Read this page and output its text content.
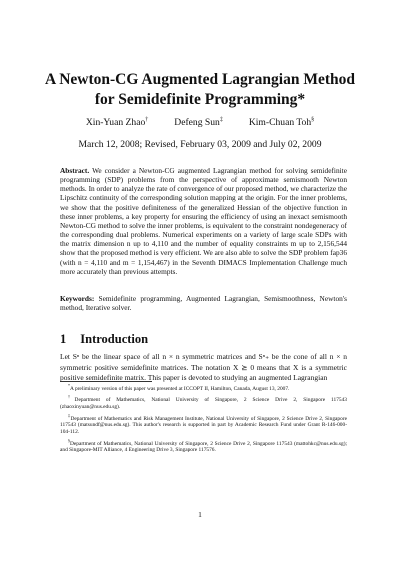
A Newton-CG Augmented Lagrangian Method for Semidefinite Programming*
Xin-Yuan Zhao†	Defeng Sun‡	Kim-Chuan Toh§
March 12, 2008; Revised, February 03, 2009 and July 02, 2009
Abstract. We consider a Newton-CG augmented Lagrangian method for solving semidefinite programming (SDP) problems from the perspective of approximate semismooth Newton methods. In order to analyze the rate of convergence of our proposed method, we characterize the Lipschitz continuity of the corresponding solution mapping at the origin. For the inner problems, we show that the positive definiteness of the generalized Hessian of the objective function in these inner problems, a key property for ensuring the efficiency of using an inexact semismooth Newton-CG method to solve the inner problems, is equivalent to the constraint nondegeneracy of the corresponding dual problems. Numerical experiments on a variety of large scale SDPs with the matrix dimension n up to 4,110 and the number of equality constraints m up to 2,156,544 show that the proposed method is very efficient. We are also able to solve the SDP problem fap36 (with n = 4,110 and m = 1,154,467) in the Seventh DIMACS Implementation Challenge much more accurately than previous attempts.
Keywords: Semidefinite programming, Augmented Lagrangian, Semismoothness, Newton's method, Iterative solver.
1 Introduction
Let Sⁿ be the linear space of all n × n symmetric matrices and Sⁿ₊ be the cone of all n × n symmetric positive semidefinite matrices. The notation X ⪰ 0 means that X is a symmetric positive semidefinite matrix. This paper is devoted to studying an augmented Lagrangian

*A preliminary version of this paper was presented at ICCOPT II, Hamilton, Canada, August 13, 2007.

†Department of Mathematics, National University of Singapore, 2 Science Drive 2, Singapore 117543 (zhaoxinyuan@nus.edu.sg).

‡Department of Mathematics and Risk Management Institute, National University of Singapore, 2 Science Drive 2, Singapore 117543 (matsundf@nus.edu.sg). This author's research is supported in part by Academic Research Fund under Grant R-146-000-104-112.

§Department of Mathematics, National University of Singapore, 2 Science Drive 2, Singapore 117543 (mattohkc@nus.edu.sg); and Singapore-MIT Alliance, 4 Engineering Drive 3, Singapore 117576.

1
